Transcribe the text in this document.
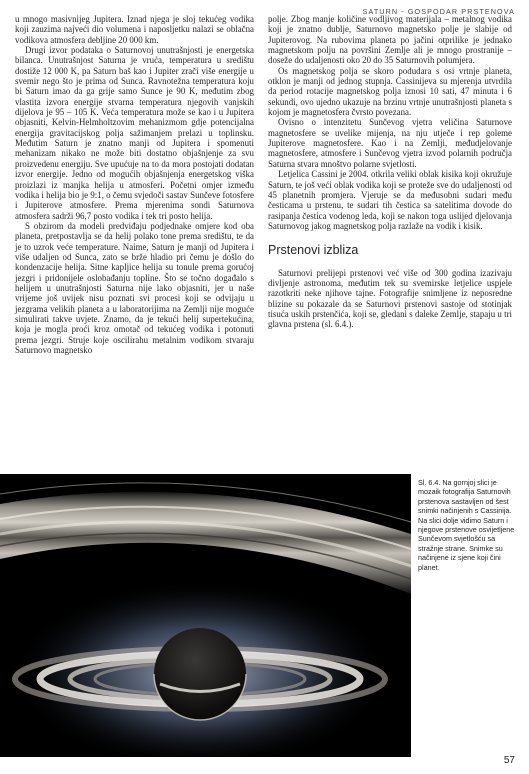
SATURN - GOSPODAR PRSTENOVA

u mnogo masivnijeg Jupitera. Iznad njega je sloj tekućeg vodika koji zauzima najveći dio volumena i naposljetku nalazi se oblačna vodikova atmosfera debljine 20 000 km.

Drugi izvor podataka o Saturnovoj unutrašnjosti je energetska bilanca. Unutrašnjost Saturna je vruća, temperatura u središtu dostiže 12 000 K, pa Saturn baš kao i Jupiter zrači više energije u svemir nego što je prima od Sunca. Ravnotežna temperatura koju bi Saturn imao da ga grije samo Sunce je 90 K, međutim zbog vlastita izvora energije stvarna temperatura njegovih vanjskih dijelova je 95 – 105 K. Veća temperatura može se kao i u Jupitera objasniti, Kelvin-Helmholtzovim mehanizmom gdje potencijalna energija gravitacijskog polja sažimanjem prelazi u toplinsku. Međutim Saturn je znatno manji od Jupitera i spomenuti mehanizam nikako ne može biti dostatno objašnjenje za svu proizvedenu energiju. Sve upućuje na to da mora postojati dodatan izvor energije. Jedno od mogućih objašnjenja energetskog viška proizlazi iz manjka helija u atmosferi. Početni omjer između vodika i helija bio je 9:1, o čemu svjedoči sastav Sunčeve fotosfere i Jupiterove atmosfere. Prema mjerenima sondi Saturnova atmosfera sadrži 96,7 posto vodika i tek tri posto helija.

S obzirom da modeli predviđaju podjednake omjere kod oba planeta, pretpostavlja se da helij polako tone prema središtu, te da je to uzrok veće temperature. Naime, Saturn je manji od Jupitera i više udaljen od Sunca, zato se brže hladio pri čemu je došlo do kondenzacije helija. Sitne kapljice helija su tonule prema gorućoj jezgri i pridonijele oslobađanju topline. Što se točno događalo s helijem u unutrašnjosti Saturna nije lako objasniti, jer u naše vrijeme još uvijek nisu poznati svi procesi koji se odvijaju u jezgrama velikih planeta a u laboratorijima na Zemlji nije moguće simulirati takve uvjete. Znamo, da je tekući helij supertekućina, koja je mogla proći kroz omotač od tekućeg vodika i potonuti prema jezgri. Struje koje oscilirahu metalnim vodikom stvaraju Saturnovo magnetsko

polje. Zbog manje količine vodljivog materijala – metalnog vodika koji je znatno dublje, Saturnovo magnetsko polje je slabije od Jupiterovog. Na rubovima planeta po jačini otprilike je jednako magnetskom polju na površini Zemlje ali je mnogo prostranije – doseže do udaljenosti oko 20 do 35 Saturnovih polumjera.

Os magnetskog polja se skoro podudara s osi vrtnje planeta, otklon je manji od jednog stupnja. Cassinijeva su mjerenja utvrdila da period rotacije magnetskog polja iznosi 10 sati, 47 minuta i 6 sekundi, ovo ujedno ukazuje na brzinu vrtnje unutrašnjosti planeta s kojom je magnetosfera čvrsto povezana.

Ovisno o intenzitetu Sunčevog vjetra veličina Saturnove magnetosfere se uvelike mijenja, na nju utječe i rep goleme Jupiterove magnetosfere. Kao i na Zemlji, međudjelovanje magnetosfere, atmosfere i Sunčevog vjetra izvod polarnih područja Saturna stvara mnoštvo polarne svjetlosti.

Letjelica Cassini je 2004. otkrila veliki oblak kisika koji okružuje Saturn, te još veći oblak vodika koji se proteže sve do udaljenosti od 45 planetnih promjera. Vjeruje se da međusobni sudari među česticama u prstenu, te sudari tih čestica sa satelitima dovode do rasipanja čestica vodenog leda, koji se nakon toga uslijed djelovanja Saturnovog jakog magnetskog polja razlaže na vodik i kisik.

Prstenovi izbliza

Saturnovi prelijepi prstenovi već više od 300 godina izazivaju divljenje astronoma, međutim tek su svemirske letjelice uspjele razotkriti neke njihove tajne. Fotografije snimljene iz neposredne blizine su pokazale da se Saturnovi prstenovi sastoje od stotinjak tisuća uskih prstenčića, koji se, gledani s daleke Zemlje, stapaju u tri glavna prstena (sl. 6.4.).

Sl. 6.4. Na gornjoj slici je mozaik fotografija Saturnovih prstenova sastavljen od šest snimki načinjenih s Cassinija. Na slici dolje vidimo Saturn i njegove prstenove osvijetljene Sunčevom svjetlošću sa stražnje strane. Snimke su načinjene iz sjene koji čini planet.
57
